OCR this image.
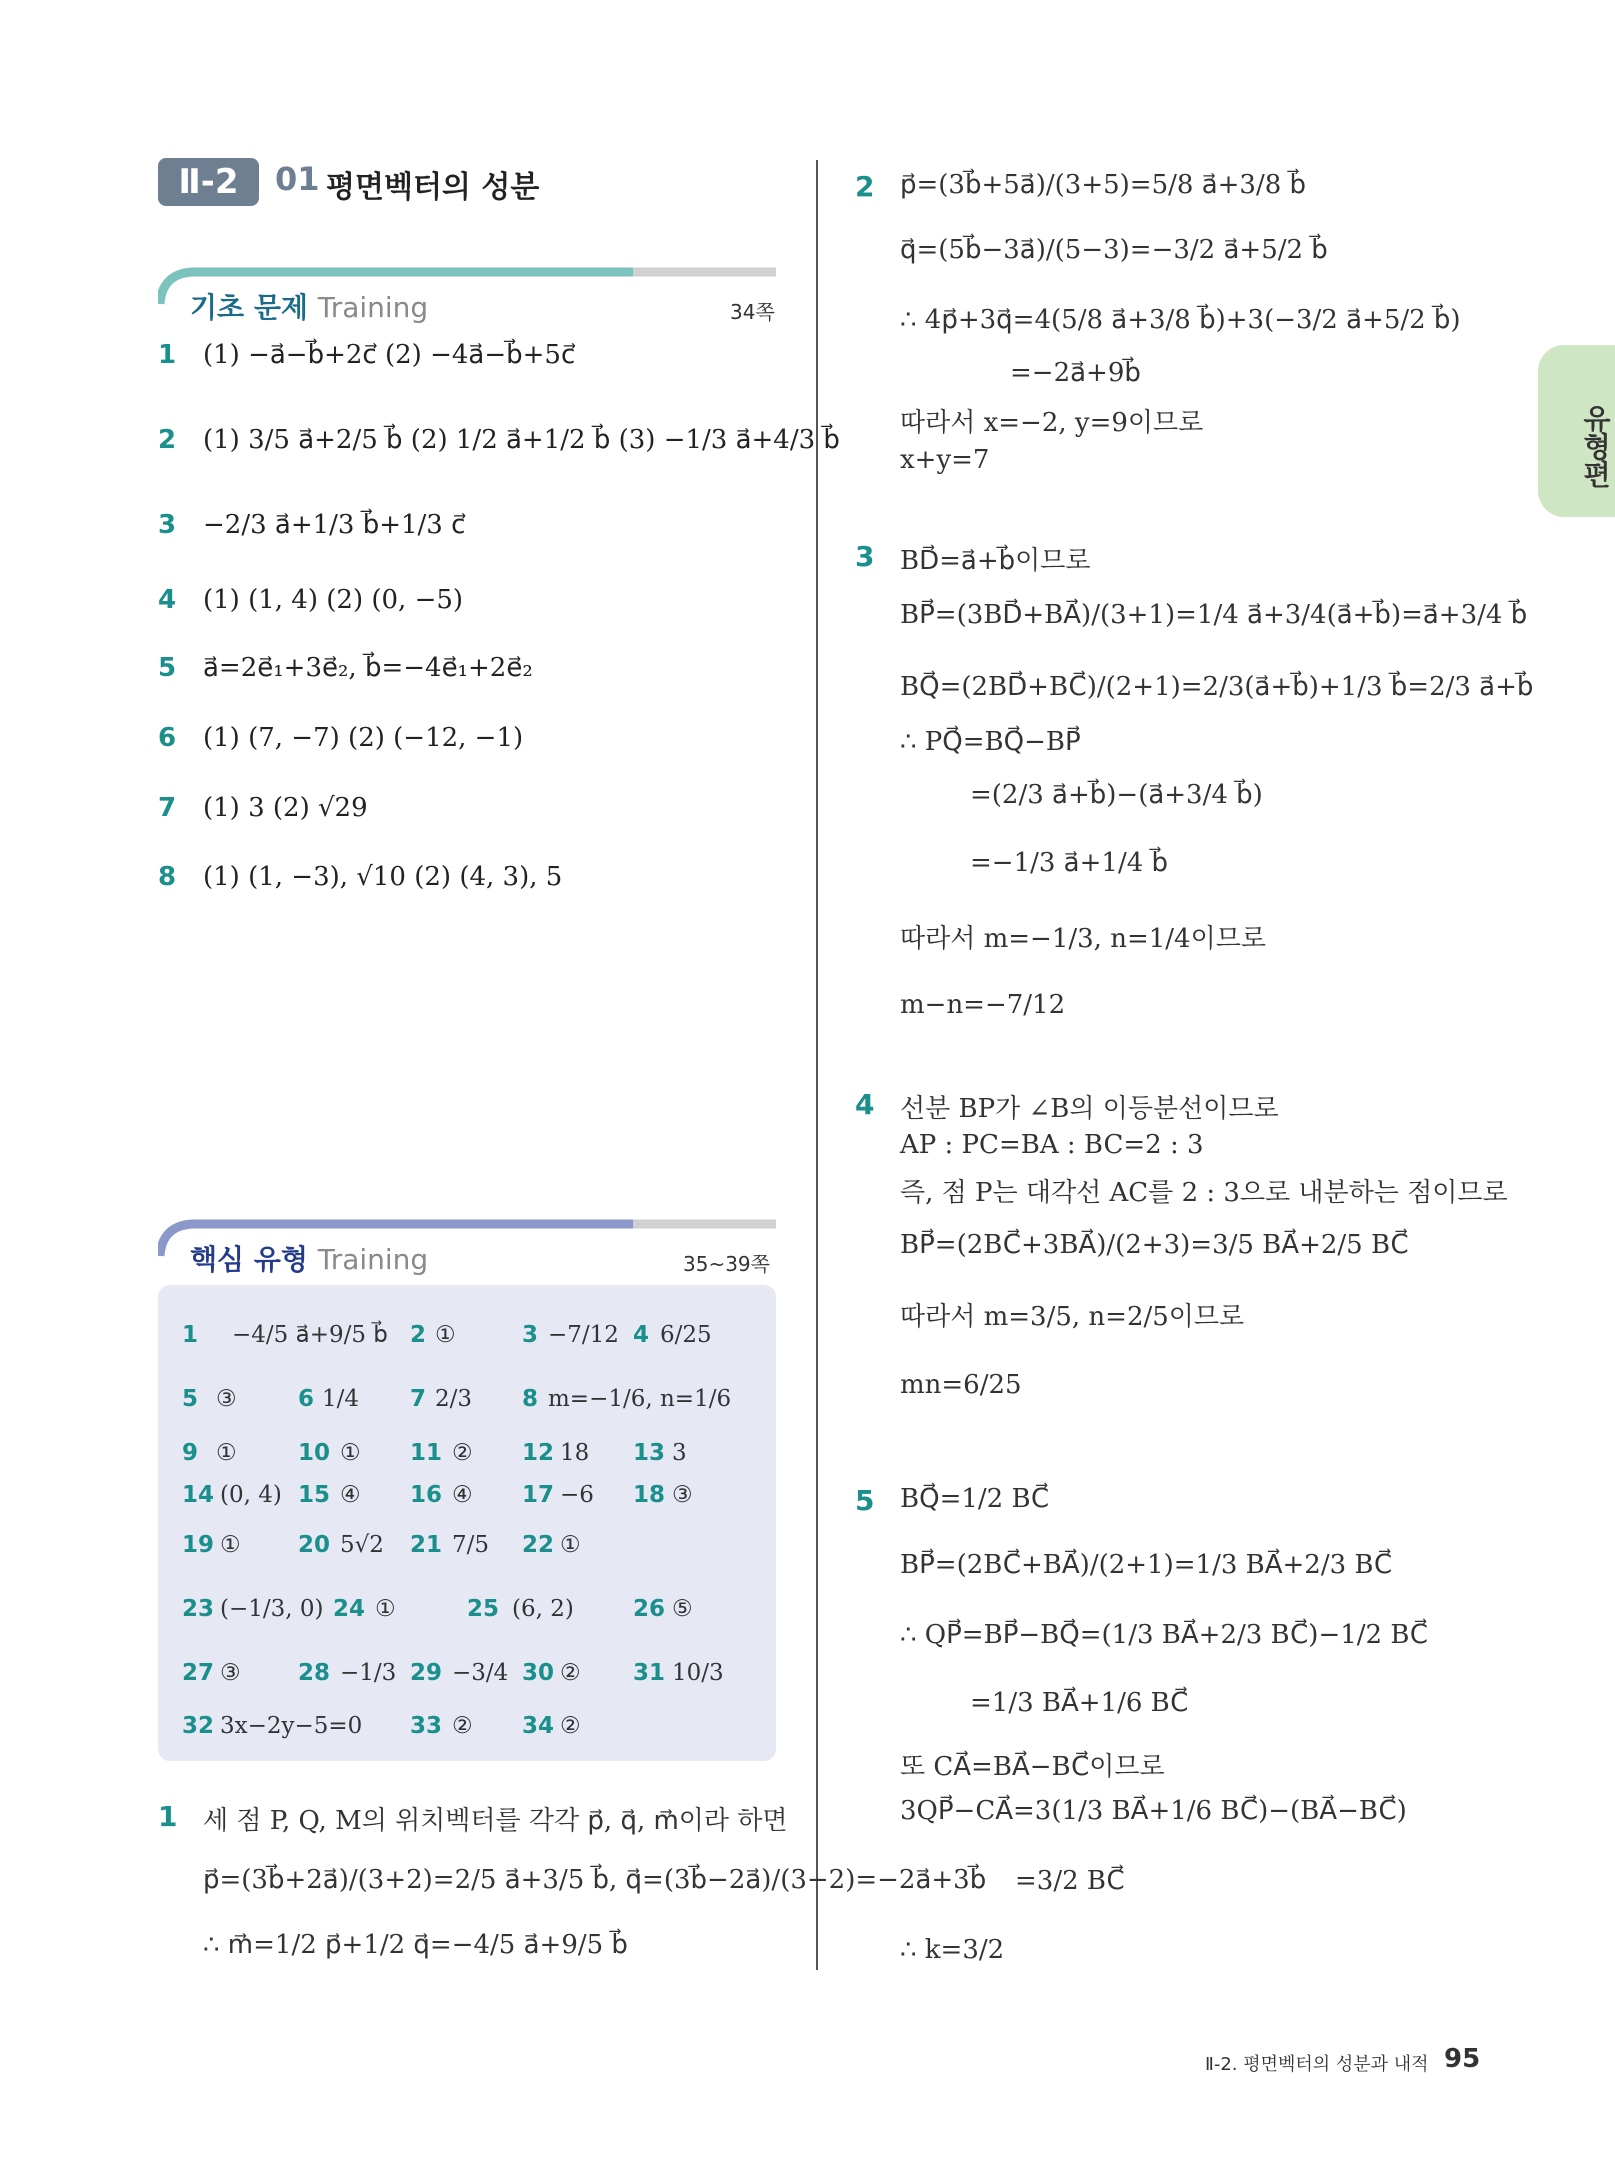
Ⅱ-2	01 평면벡터의 성분
유형편
기초 문제 Training	34쪽
1 (1) −a⃗−b⃗+2c⃗ (2) −4a⃗−b⃗+5c⃗
2 (1) 3/5 a⃗+2/5 b⃗ (2) 1/2 a⃗+1/2 b⃗ (3) −1/3 a⃗+4/3 b⃗
3 −2/3 a⃗+1/3 b⃗+1/3 c⃗
4 (1) (1, 4) (2) (0, −5)
5 a⃗=2e⃗₁+3e⃗₂, b⃗=−4e⃗₁+2e⃗₂
6 (1) (7, −7) (2) (−12, −1)
7 (1) 3 (2) √29
8 (1) (1, −3), √10 (2) (4, 3), 5
핵심 유형 Training	35~39쪽
1 −4/5 a⃗+9/5 b⃗ 2 ①	3 −7/12 4 6/25
5 ③	6 1/4 7 2/3 8 m=−1/6, n=1/6
9 ①	10 ① 11 ② 12 18 13 3
14 (0, 4) 15 ④ 16 ④ 17 −6 18 ③
19 ① 20 5√2 21 7/5 22 ①
23 (−1/3, 0) 24 ①	25 (6, 2)	26 ⑤
27 ③ 28 −1/3 29 −3/4 30 ② 31 10/3
32 3x−2y−5=0 33 ② 34 ②
1 세 점 P, Q, M의 위치벡터를 각각 p⃗, q⃗, m⃗이라 하면
p⃗=(3b⃗+2a⃗)/(3+2)=2/5 a⃗+3/5 b⃗, q⃗=(3b⃗−2a⃗)/(3−2)=−2a⃗+3b⃗
∴ m⃗=1/2 p⃗+1/2 q⃗=−4/5 a⃗+9/5 b⃗
2 p⃗=(3b⃗+5a⃗)/(3+5)=5/8 a⃗+3/8 b⃗
q⃗=(5b⃗−3a⃗)/(5−3)=−3/2 a⃗+5/2 b⃗
∴ 4p⃗+3q⃗=4(5/8 a⃗+3/8 b⃗)+3(−3/2 a⃗+5/2 b⃗)
=−2a⃗+9b⃗
따라서 x=−2, y=9이므로
x+y=7
3 BD⃗=a⃗+b⃗이므로
BP⃗=(3BD⃗+BA⃗)/(3+1)=1/4 a⃗+3/4(a⃗+b⃗)=a⃗+3/4 b⃗
BQ⃗=(2BD⃗+BC⃗)/(2+1)=2/3(a⃗+b⃗)+1/3 b⃗=2/3 a⃗+b⃗
∴ PQ⃗=BQ⃗−BP⃗
=(2/3 a⃗+b⃗)−(a⃗+3/4 b⃗)
=−1/3 a⃗+1/4 b⃗
따라서 m=−1/3, n=1/4이므로
m−n=−7/12
4 선분 BP가 ∠B의 이등분선이므로
AP : PC=BA : BC=2 : 3
즉, 점 P는 대각선 AC를 2 : 3으로 내분하는 점이므로
BP⃗=(2BC⃗+3BA⃗)/(2+3)=3/5 BA⃗+2/5 BC⃗
따라서 m=3/5, n=2/5이므로
mn=6/25
5 BQ⃗=1/2 BC⃗
BP⃗=(2BC⃗+BA⃗)/(2+1)=1/3 BA⃗+2/3 BC⃗
∴ QP⃗=BP⃗−BQ⃗=(1/3 BA⃗+2/3 BC⃗)−1/2 BC⃗
=1/3 BA⃗+1/6 BC⃗
또 CA⃗=BA⃗−BC⃗이므로
3QP⃗−CA⃗=3(1/3 BA⃗+1/6 BC⃗)−(BA⃗−BC⃗)
=3/2 BC⃗
∴ k=3/2
Ⅱ-2. 평면벡터의 성분과 내적 95
